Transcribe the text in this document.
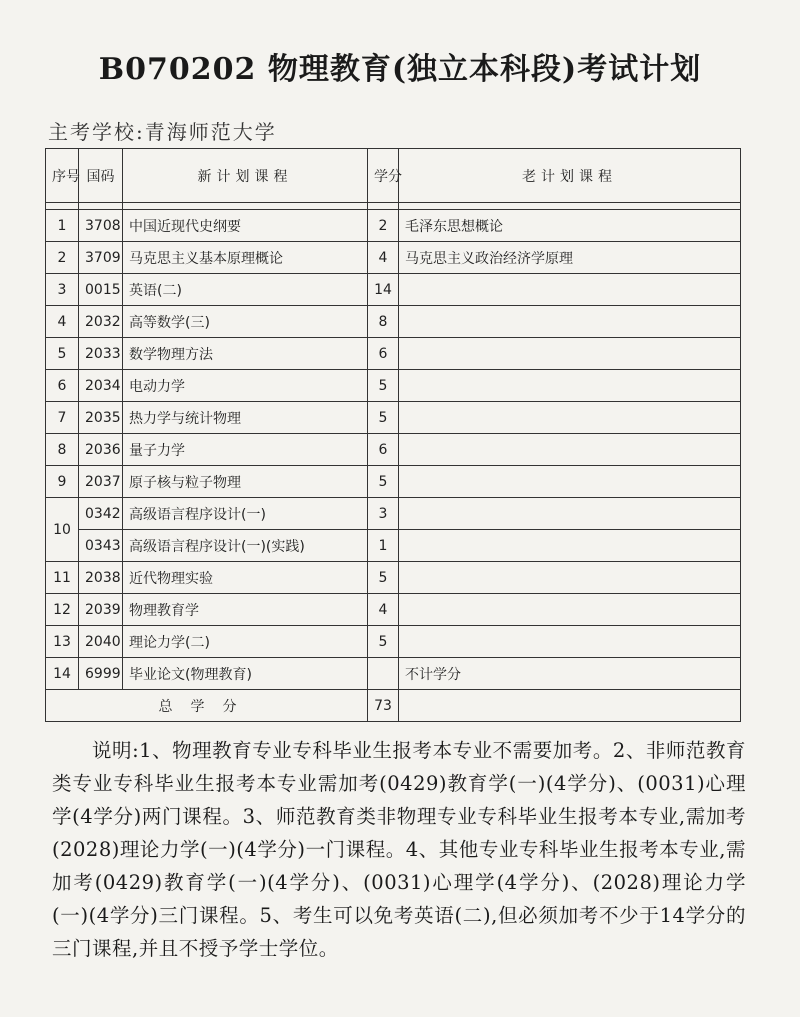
B070202 物理教育(独立本科段)考试计划
主考学校:青海师范大学
序号	国码	新计划课程	学分	老计划课程

1	3708	中国近现代史纲要	2	毛泽东思想概论
2	3709	马克思主义基本原理概论	4	马克思主义政治经济学原理
3	0015	英语(二)	14	
4	2032	高等数学(三)	8	
5	2033	数学物理方法	6	
6	2034	电动力学	5	
7	2035	热力学与统计物理	5	
8	2036	量子力学	6	
9	2037	原子核与粒子物理	5	
10	0342	高级语言程序设计(一)	3	
	0343	高级语言程序设计(一)(实践)	1	
11	2038	近代物理实验	5	
12	2039	物理教育学	4	
13	2040	理论力学(二)	5	
14	6999	毕业论文(物理教育)		不计学分
总学分			73	
说明:1、物理教育专业专科毕业生报考本专业不需要加考。2、非师范教育类专业专科毕业生报考本专业需加考(0429)教育学(一)(4学分)、(0031)心理学(4学分)两门课程。3、师范教育类非物理专业专科毕业生报考本专业,需加考(2028)理论力学(一)(4学分)一门课程。4、其他专业专科毕业生报考本专业,需加考(0429)教育学(一)(4学分)、(0031)心理学(4学分)、(2028)理论力学(一)(4学分)三门课程。5、考生可以免考英语(二),但必须加考不少于14学分的三门课程,并且不授予学士学位。
